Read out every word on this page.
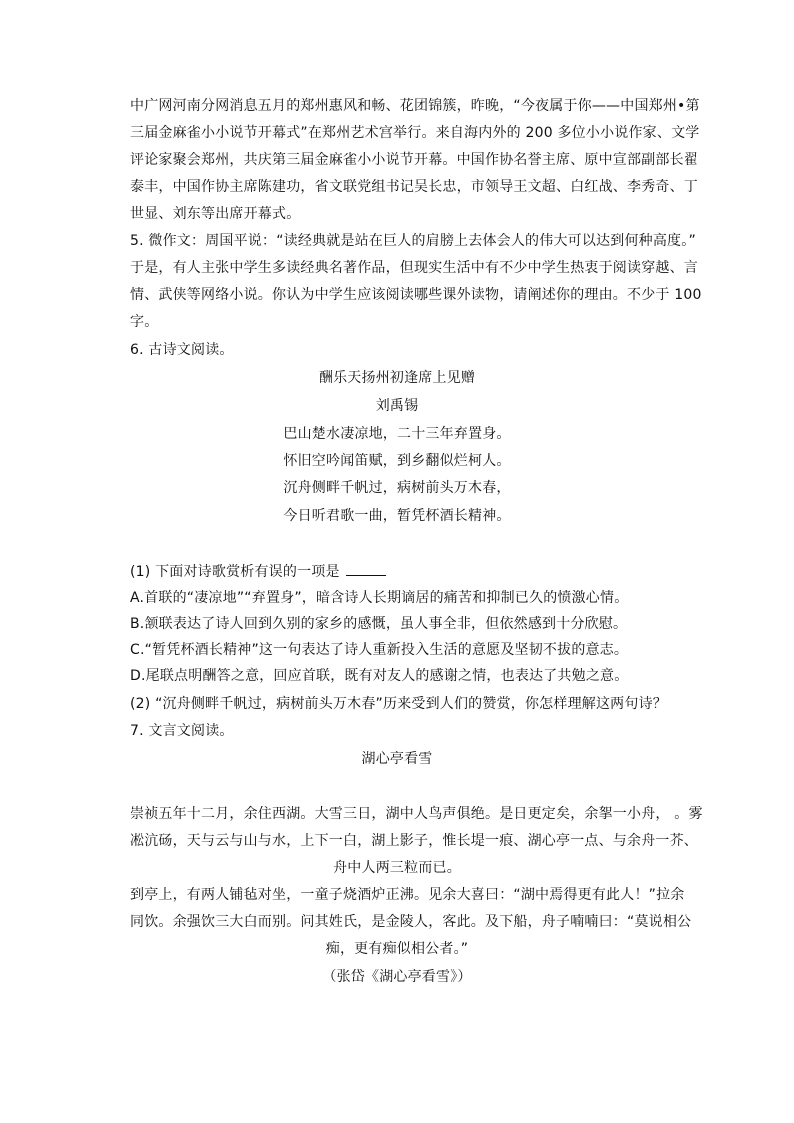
中广网河南分网消息五月的郑州惠风和畅、花团锦簇，昨晚，“今夜属于你——中国郑州•第
三届金麻雀小小说节开幕式”在郑州艺术宫举行。来自海内外的 200 多位小小说作家、文学
评论家聚会郑州，共庆第三届金麻雀小小说节开幕。中国作协名誉主席、原中宣部副部长翟
泰丰，中国作协主席陈建功，省文联党组书记吴长忠，市领导王文超、白红战、李秀奇、丁
世显、刘东等出席开幕式。
5. 微作文：周国平说：“读经典就是站在巨人的肩膀上去体会人的伟大可以达到何种高度。”
于是，有人主张中学生多读经典名著作品，但现实生活中有不少中学生热衷于阅读穿越、言
情、武侠等网络小说。你认为中学生应该阅读哪些课外读物，请阐述你的理由。不少于 100
字。
6. 古诗文阅读。
酬乐天扬州初逢席上见赠
刘禹锡
巴山楚水凄凉地，二十三年弃置身。
怀旧空吟闻笛赋，到乡翻似烂柯人。
沉舟侧畔千帆过，病树前头万木春，
今日听君歌一曲，暂凭杯酒长精神。
(1) 下面对诗歌赏析有误的一项是
A.首联的“凄凉地”“弃置身”，暗含诗人长期谪居的痛苦和抑制已久的愤激心情。
B.颔联表达了诗人回到久别的家乡的感慨，虽人事全非，但依然感到十分欣慰。
C.“暂凭杯酒长精神”这一句表达了诗人重新投入生活的意愿及坚韧不拔的意志。
D.尾联点明酬答之意，回应首联，既有对友人的感谢之情，也表达了共勉之意。
(2) “沉舟侧畔千帆过，病树前头万木春”历来受到人们的赞赏，你怎样理解这两句诗？
7. 文言文阅读。
湖心亭看雪
崇祯五年十二月，余住西湖。大雪三日，湖中人鸟声俱绝。是日更定矣，余挐一小舟， 。雾
凇沆砀，天与云与山与水，上下一白，湖上影子，惟长堤一痕、湖心亭一点、与余舟一芥、
舟中人两三粒而已。
到亭上，有两人铺毡对坐，一童子烧酒炉正沸。见余大喜曰：“湖中焉得更有此人！”拉余
同饮。余强饮三大白而别。问其姓氏，是金陵人，客此。及下船，舟子喃喃曰：“莫说相公
痴，更有痴似相公者。”
（张岱《湖心亭看雪》）
